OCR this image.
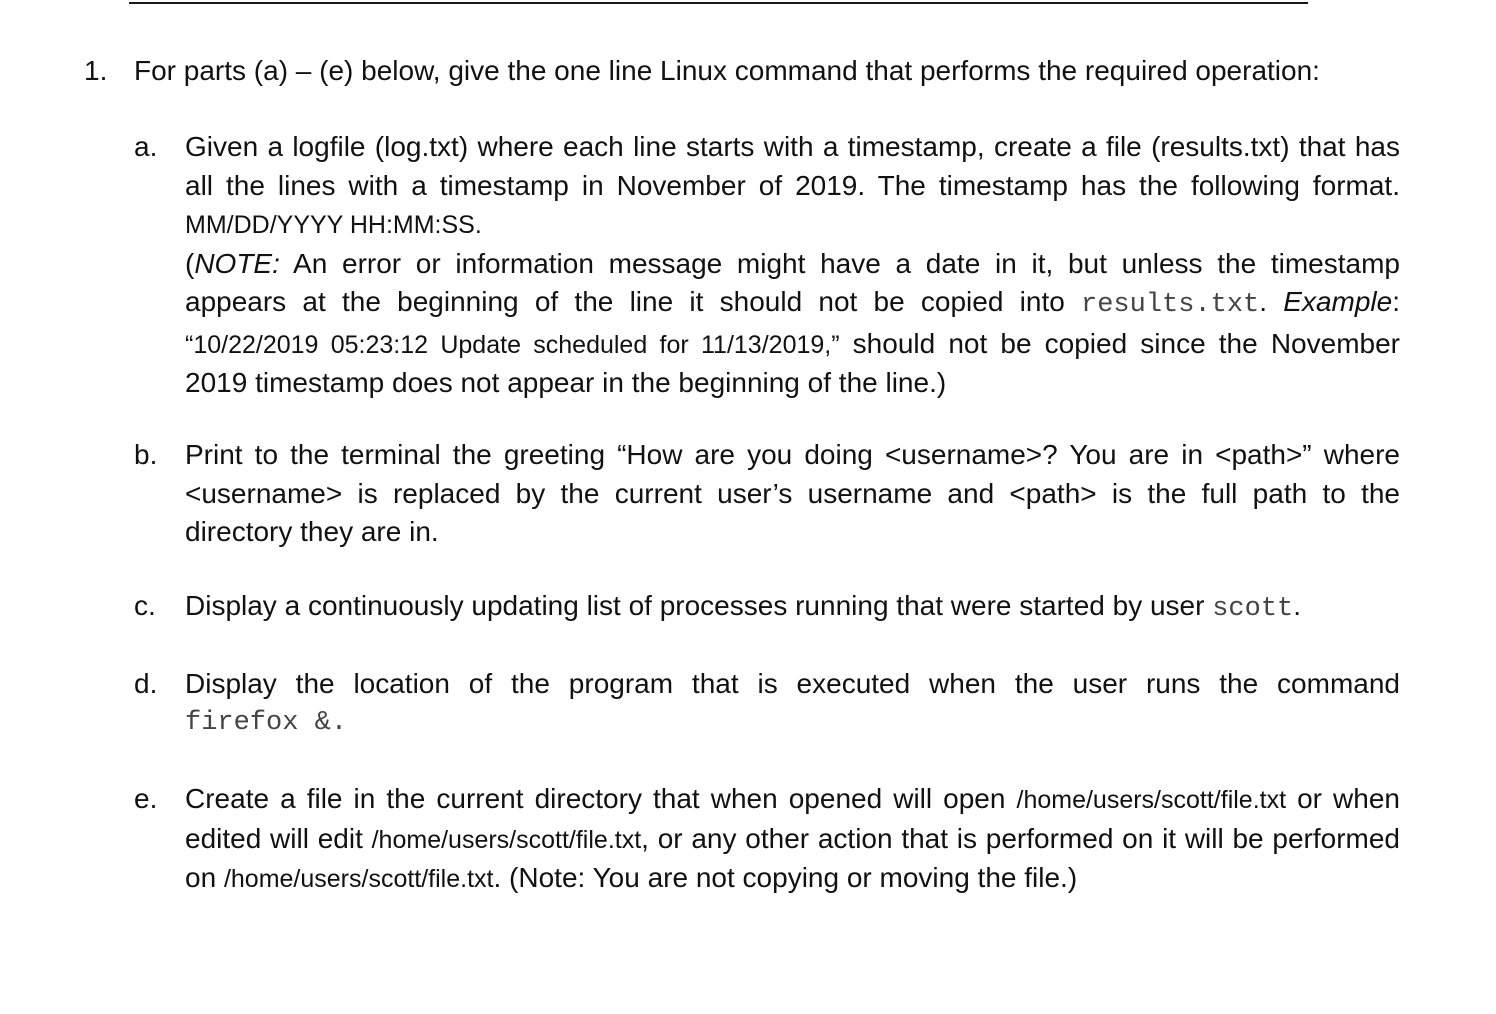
1. For parts (a) – (e) below, give the one line Linux command that performs the required operation:
a. Given a logfile (log.txt) where each line starts with a timestamp, create a file (results.txt) that has all the lines with a timestamp in November of 2019. The timestamp has the following format. MM/DD/YYYY HH:MM:SS.
(NOTE: An error or information message might have a date in it, but unless the timestamp appears at the beginning of the line it should not be copied into results.txt. Example: “10/22/2019 05:23:12 Update scheduled for 11/13/2019,” should not be copied since the November 2019 timestamp does not appear in the beginning of the line.)
b. Print to the terminal the greeting “How are you doing <username>? You are in <path>” where <username> is replaced by the current user’s username and <path> is the full path to the directory they are in.
c.	Display a continuously updating list of processes running that were started by user scott.
d. Display the location of the program that is executed when the user runs the command
firefox &.
e. Create a file in the current directory that when opened will open /home/users/scott/file.txt or when edited will edit /home/users/scott/file.txt, or any other action that is performed on it will be performed on /home/users/scott/file.txt. (Note: You are not copying or moving the file.)
